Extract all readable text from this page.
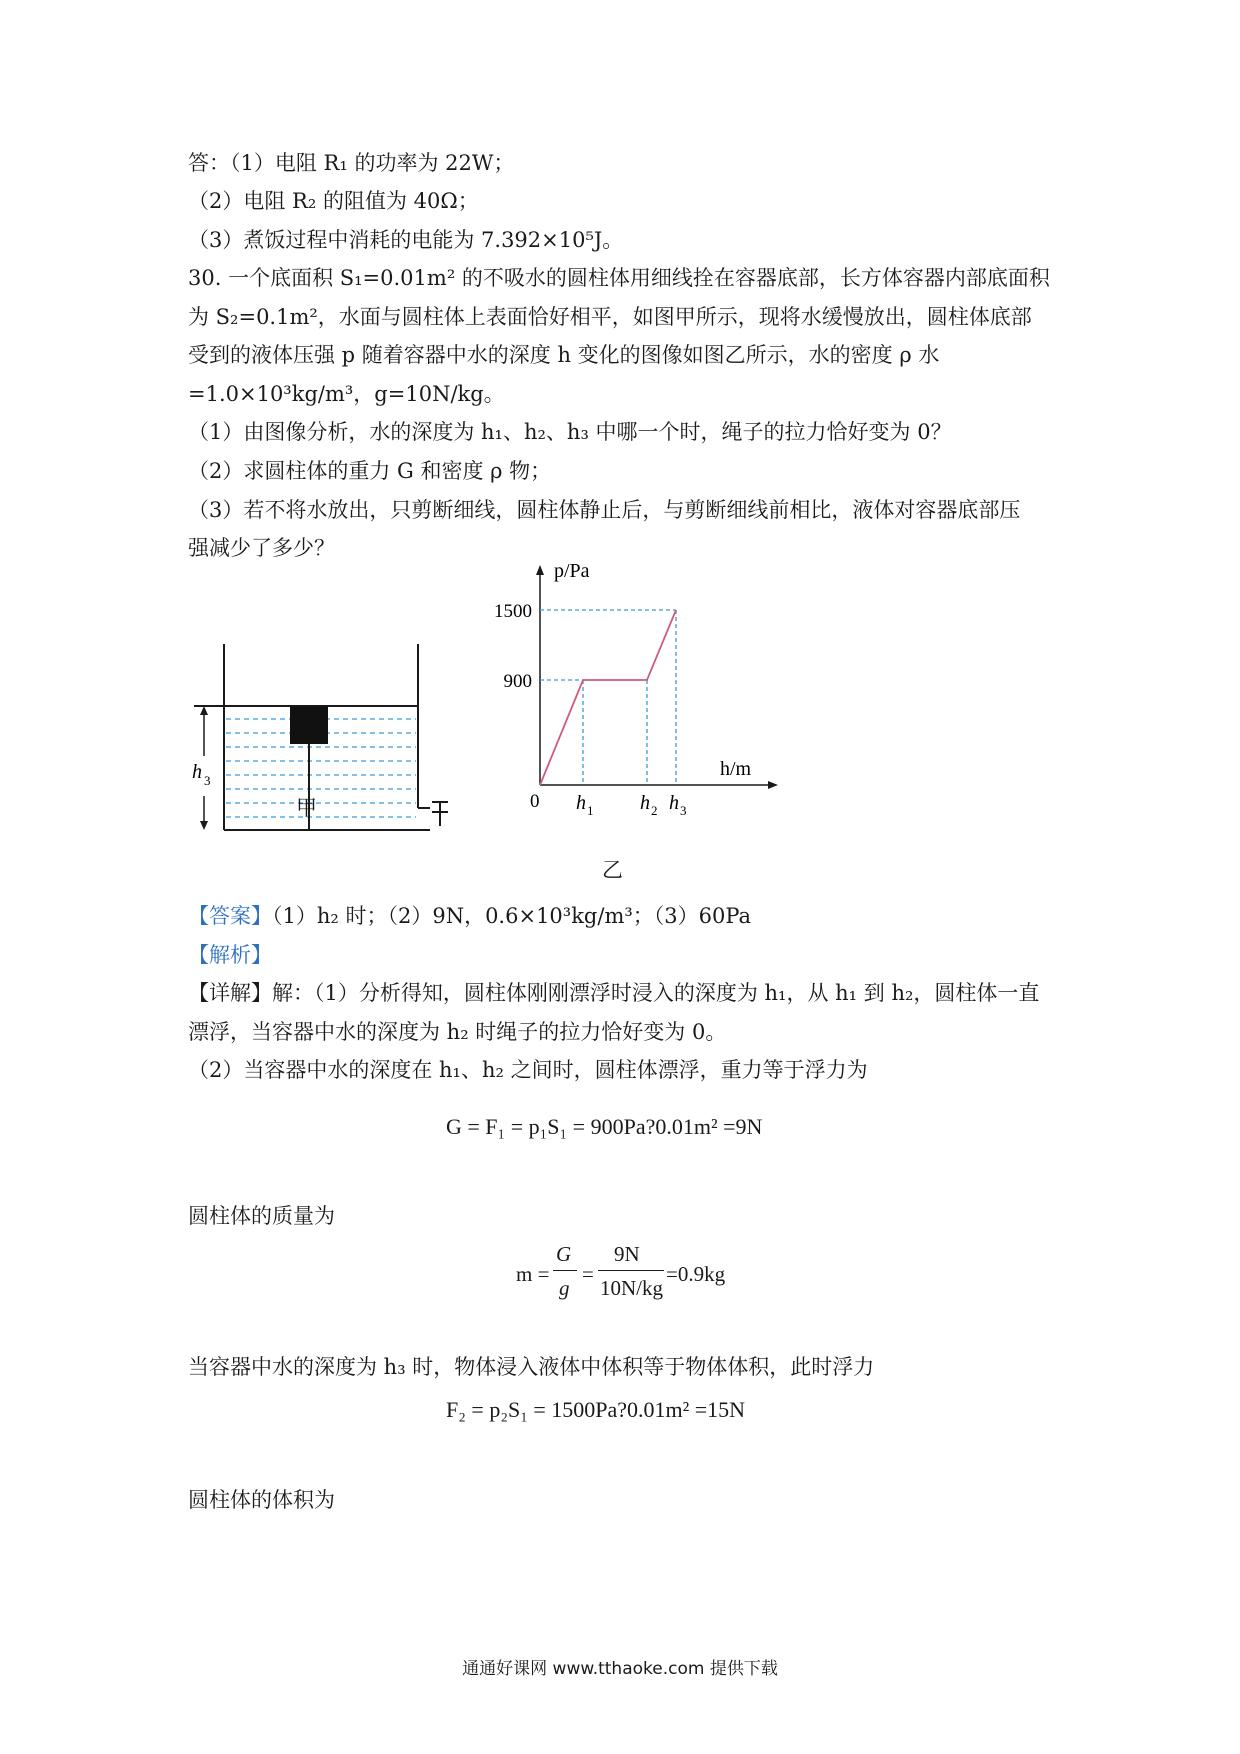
答：（1）电阻 R₁ 的功率为 22W；
（2）电阻 R₂ 的阻值为 40Ω；
（3）煮饭过程中消耗的电能为 7.392×10⁵J。
30. 一个底面积 S₁=0.01m² 的不吸水的圆柱体用细线拴在容器底部，长方体容器内部底面积
为 S₂=0.1m²，水面与圆柱体上表面恰好相平，如图甲所示，现将水缓慢放出，圆柱体底部
受到的液体压强 p 随着容器中水的深度 h 变化的图像如图乙所示，水的密度 ρ 水
=1.0×10³kg/m³，g=10N/kg。
（1）由图像分析，水的深度为 h₁、h₂、h₃ 中哪一个时，绳子的拉力恰好变为 0？
（2）求圆柱体的重力 G 和密度 ρ 物；
（3）若不将水放出，只剪断细线，圆柱体静止后，与剪断细线前相比，液体对容器底部压
强减少了多少？
h 3
甲
900
1500
h 1 h 2 h 3
p/Pa
h/m
0
乙
【答案】（1）h₂ 时；（2）9N，0.6×10³kg/m³；（3）60Pa
【解析】
【详解】解：（1）分析得知，圆柱体刚刚漂浮时浸入的深度为 h₁，从 h₁ 到 h₂，圆柱体一直
漂浮，当容器中水的深度为 h₂ 时绳子的拉力恰好变为 0。
（2）当容器中水的深度在 h₁、h₂ 之间时，圆柱体漂浮，重力等于浮力为
G = F₁ = p₁S₁ = 900Pa?0.01m² =9N
圆柱体的质量为
m =
G
g
=
9N
10N/kg
=0.9kg
当容器中水的深度为 h₃ 时，物体浸入液体中体积等于物体体积，此时浮力
F₂ = p₂S₁ = 1500Pa?0.01m² =15N
圆柱体的体积为
通通好课网 www.tthaoke.com 提供下载
